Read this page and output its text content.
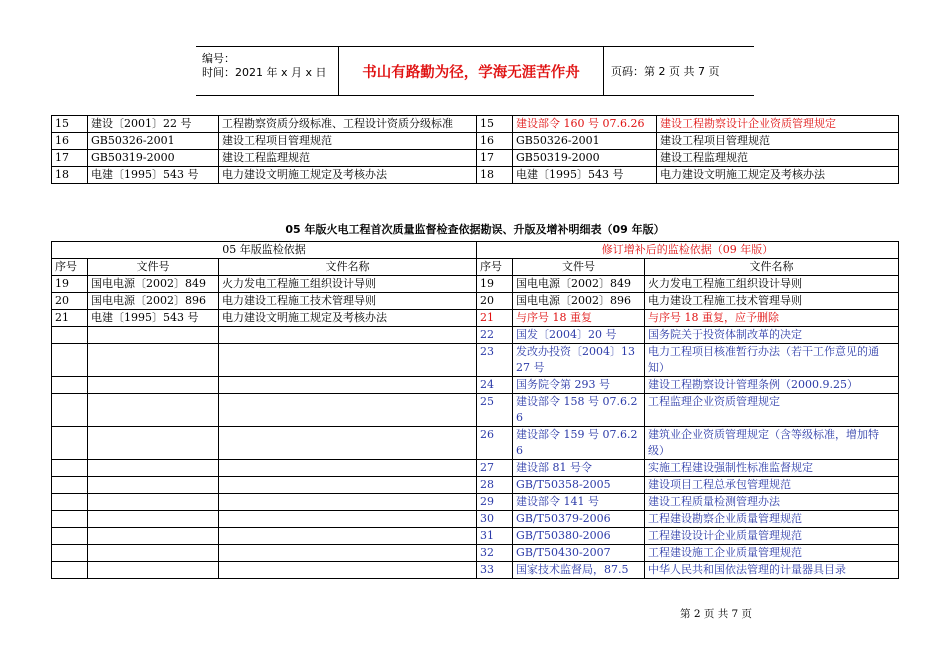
编号：
时间：2021 年 x 月 x 日	书山有路勤为径，学海无涯苦作舟	页码：第 2 页 共 7 页
15	建设〔2001〕22 号	工程勘察资质分级标准、工程设计资质分级标准	15	建设部令 160 号 07.6.26	建设工程勘察设计企业资质管理规定
16	GB50326-2001	建设工程项目管理规范	16	GB50326-2001	建设工程项目管理规范
17	GB50319-2000	建设工程监理规范	17	GB50319-2000	建设工程监理规范
18	电建〔1995〕543 号	电力建设文明施工规定及考核办法	18	电建〔1995〕543 号	电力建设文明施工规定及考核办法
05 年版火电工程首次质量监督检查依据勘误、升版及增补明细表（09 年版）
05 年版监检依据			修订增补后的监检依据（09 年版）		
序号	文件号	文件名称	序号	文件号	文件名称
19	国电电源〔2002〕849	火力发电工程施工组织设计导则	19	国电电源〔2002〕849	火力发电工程施工组织设计导则
20	国电电源〔2002〕896	电力建设工程施工技术管理导则	20	国电电源〔2002〕896	电力建设工程施工技术管理导则
21	电建〔1995〕543 号	电力建设文明施工规定及考核办法	21	与序号 18 重复	与序号 18 重复，应予删除
			22	国发〔2004〕20 号	国务院关于投资体制改革的决定
			23	发改办投资〔2004〕1327 号	电力工程项目核准暂行办法（若干工作意见的通知）
			24	国务院令第 293 号	建设工程勘察设计管理条例（2000.9.25）
			25	建设部令 158 号 07.6.26	工程监理企业资质管理规定
			26	建设部令 159 号 07.6.26	建筑业企业资质管理规定（含等级标准，增加特级）
			27	建设部 81 号令	实施工程建设强制性标准监督规定
			28	GB/T50358-2005	建设项目工程总承包管理规范
			29	建设部令 141 号	建设工程质量检测管理办法
			30	GB/T50379-2006	工程建设勘察企业质量管理规范
			31	GB/T50380-2006	工程建设设计企业质量管理规范
			32	GB/T50430-2007	工程建设施工企业质量管理规范
			33	国家技术监督局，87.5	中华人民共和国依法管理的计量器具目录
第 2 页 共 7 页
